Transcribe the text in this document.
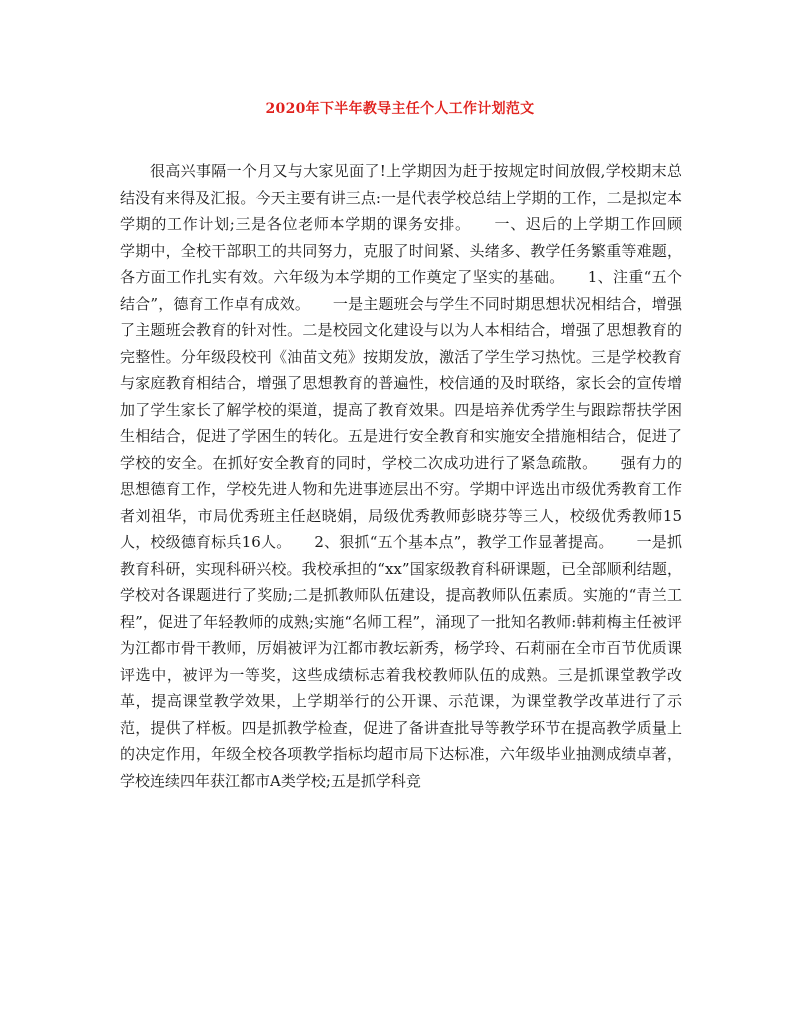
2020年下半年教导主任个人工作计划范文

很高兴事隔一个月又与大家见面了!上学期因为赶于按规定时间放假,学校期末总结没有来得及汇报。今天主要有讲三点:一是代表学校总结上学期的工作，二是拟定本学期的工作计划;三是各位老师本学期的课务安排。　　一、迟后的上学期工作回顾　　学期中，全校干部职工的共同努力，克服了时间紧、头绪多、教学任务繁重等难题，各方面工作扎实有效。六年级为本学期的工作奠定了坚实的基础。　　1、注重“五个结合”，德育工作卓有成效。　　一是主题班会与学生不同时期思想状况相结合，增强了主题班会教育的针对性。二是校园文化建设与以为人本相结合，增强了思想教育的完整性。分年级段校刊《油苗文苑》按期发放，激活了学生学习热忱。三是学校教育与家庭教育相结合，增强了思想教育的普遍性，校信通的及时联络，家长会的宣传增加了学生家长了解学校的渠道，提高了教育效果。四是培养优秀学生与跟踪帮扶学困生相结合，促进了学困生的转化。五是进行安全教育和实施安全措施相结合，促进了学校的安全。在抓好安全教育的同时，学校二次成功进行了紧急疏散。　　强有力的思想德育工作，学校先进人物和先进事迹层出不穷。学期中评选出市级优秀教育工作者刘祖华，市局优秀班主任赵晓娟，局级优秀教师彭晓芬等三人，校级优秀教师15人，校级德育标兵16人。　　2、狠抓“五个基本点”，教学工作显著提高。　　一是抓教育科研，实现科研兴校。我校承担的“xx”国家级教育科研课题，已全部顺利结题，学校对各课题进行了奖励;二是抓教师队伍建设，提高教师队伍素质。实施的“青兰工程”，促进了年轻教师的成熟;实施“名师工程”，涌现了一批知名教师:韩莉梅主任被评为江都市骨干教师，厉娟被评为江都市教坛新秀，杨学玲、石莉丽在全市百节优质课评选中，被评为一等奖，这些成绩标志着我校教师队伍的成熟。三是抓课堂教学改革，提高课堂教学效果，上学期举行的公开课、示范课，为课堂教学改革进行了示范，提供了样板。四是抓教学检查，促进了备讲查批导等教学环节在提高教学质量上的决定作用，年级全校各项教学指标均超市局下达标准，六年级毕业抽测成绩卓著，学校连续四年获江都市A类学校;五是抓学科竞
